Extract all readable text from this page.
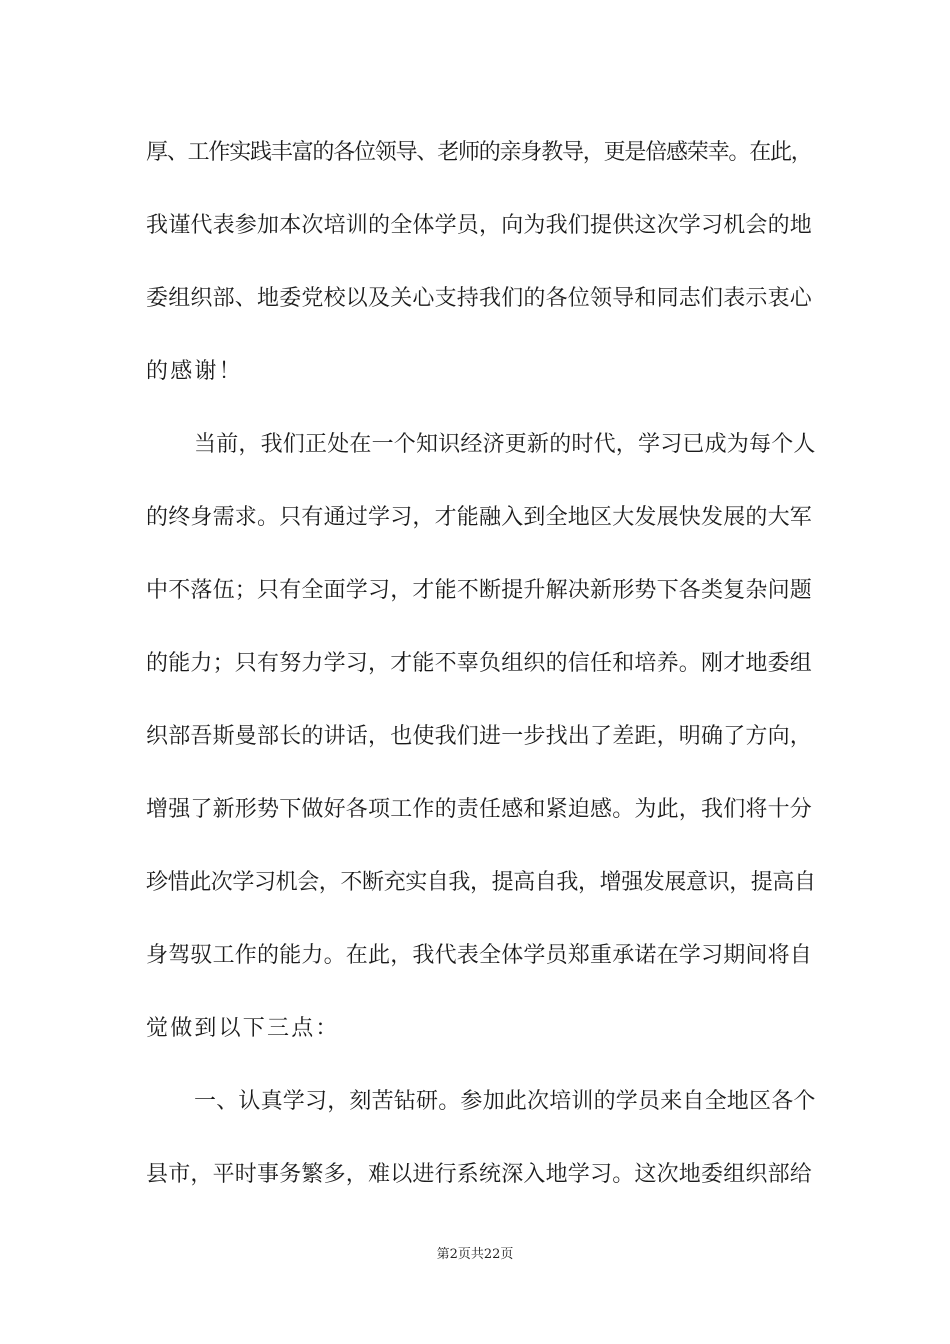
厚、工作实践丰富的各位领导、老师的亲身教导，更是倍感荣幸。在此，
我谨代表参加本次培训的全体学员，向为我们提供这次学习机会的地
委组织部、地委党校以及关心支持我们的各位领导和同志们表示衷心
的感谢！
当前，我们正处在一个知识经济更新的时代，学习已成为每个人
的终身需求。只有通过学习，才能融入到全地区大发展快发展的大军
中不落伍；只有全面学习，才能不断提升解决新形势下各类复杂问题
的能力；只有努力学习，才能不辜负组织的信任和培养。刚才地委组
织部吾斯曼部长的讲话，也使我们进一步找出了差距，明确了方向，
增强了新形势下做好各项工作的责任感和紧迫感。为此，我们将十分
珍惜此次学习机会，不断充实自我，提高自我，增强发展意识，提高自
身驾驭工作的能力。在此，我代表全体学员郑重承诺在学习期间将自
觉做到以下三点：
一、认真学习，刻苦钻研。参加此次培训的学员来自全地区各个
县市，平时事务繁多，难以进行系统深入地学习。这次地委组织部给
第2页共22页
